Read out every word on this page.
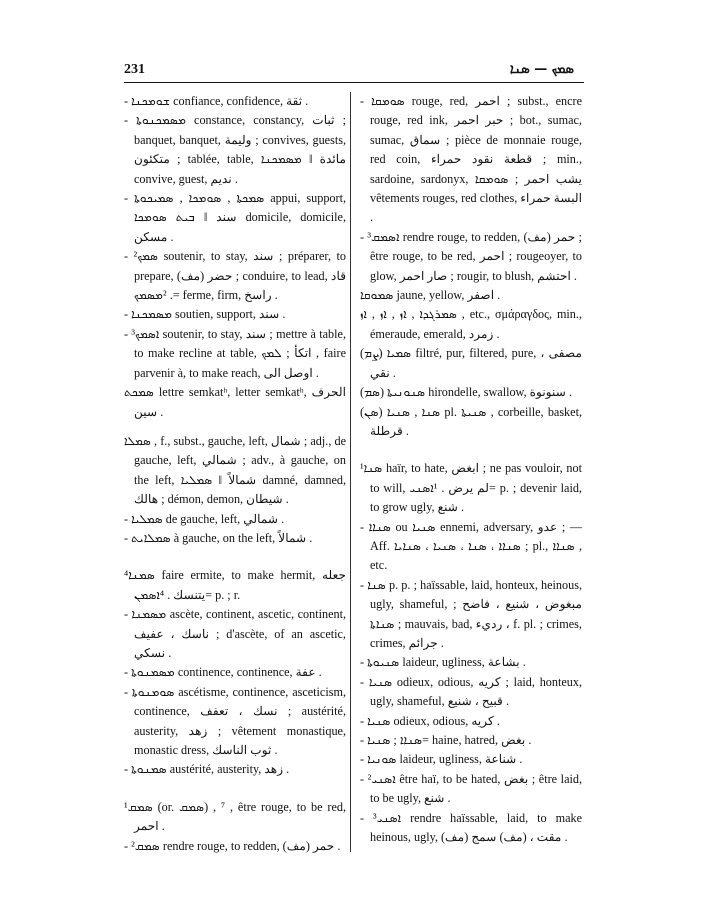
231	ܣܡܟ — ܣܢܐ

- ܫܘܡܟܢܐ confiance, confidence, ثقة .

- ܡܣܡܟܢܘܬܐ constance, constancy, ثبات ; banquet, banquet, وليمة ; convives, guests, متكئون ; tablée, table, مائدة ‖ ܡܣܡܟܢܐ convive, guest, نديم .

- ܣܡܟܬܐ , ܣܘܡܟܐ , ܣܡܝܟܘܬܐ appui, support, سند ‖ ܒܝܬ ܣܘܡܟܐ domicile, domicile, مسكن .

- ²ܣܡܟ soutenir, to stay, سند ; préparer, to prepare, (مف) حضر ; conduire, to lead, قاد . ²ܡܣܡܟ= ferme, firm, راسخ .

- ܡܣܡܟܢܐ soutien, support, سند .

- ³ܐܣܡܟ soutenir, to stay, سند ; mettre à table, to make recline at table, اتكأ ; ܠܡܟ , faire parvenir à, to make reach, اوصل الى .

ܣܡܟܬ lettre semkatʰ, letter semkatʰ, الحرف سين .

ܣܡܠܐ , f., subst., gauche, left, شمال ; adj., de gauche, left, شمالي ; adv., à gauche, on the left, شمالاً ‖ ܣܡܠܝܐ damné, damned, هالك ; démon, demon, شيطان .

- ܣܡܠܝܐ de gauche, left, شمالي .

- ܣܡܠܐܝܬ à gauche, on the left, شمالاً .

⁴ܣܡܢܐ faire ermite, to make hermit, جعله يتنسك . ⁴ܐܣܡܢ= p. ; r.

- ܡܣܡܢܐ ascète, continent, ascetic, continent, ناسك ، عفيف ; d'ascète, of an ascetic, نسكي .

- ܡܣܡܢܘܬܐ continence, continence, عفة .

- ܣܘܡܢܘܬܐ ascétisme, continence, asceticism, continence, نسك ، تعفف ; austérité, austerity, زهد ; vêtement monastique, monastic dress, ثوب الناسك .

- ܣܡܢܘܬܐ austérité, austerity, زهد .

¹ܣܡܩ (or. ܣܡܩ) , ⁷ , être rouge, to be red, احمر .

- ²ܣܡܩ rendre rouge, to redden, (مف) حمر .

- ܣܘܡܩܐ rouge, red, احمر ; subst., encre rouge, red ink, حبر احمر ; bot., sumac, sumac, سماق ; pièce de monnaie rouge, red coin, قطعة نقود حمراء ; min., sardoine, sardonyx, يشب احمر ; ܣܘܡܩܐ vêtements rouges, red clothes, البسة حمراء .

- ³ܐܣܡܩ rendre rouge, to redden, (مف) حمر ; être rouge, to be red, احمر ; rougeoyer, to glow, صار احمر ; rougir, to blush, احتشم .

ܣܡܘܩܐ jaune, yellow, اصفر .

ܣܡܪܓܕܐ , ܐܙ , ܐܙ , ܐܙ , etc., σμάραγδος, min., émeraude, emerald, زمرد .

(ܨܡ) ܣܡܝܐ filtré, pur, filtered, pure, مصفى ، نقي .

(ܣܡ) ܣܢܘܢܝܬܐ hirondelle, swallow, سنونوة .

(ܣܢ) ܣܢܐ , ܣܢܝܐ pl. ܣܢܝܬܐ , corbeille, basket, قرطلة .

¹ܣܢܐ haïr, to hate, ابغض ; ne pas vouloir, not to will, لم يرض . ¹ܐܣܢܝ= p. ; devenir laid, to grow ugly, شنع .

- ܣܢܐܐ ou ܣܢܝܐ ennemi, adversary, عدو ; — Aff. ܣܢܐܐ ، ܣܢܐ ، ܣܢܝܐ ، ܣܢܐܝܐ ; pl., ܣܢܐܐ , etc.

- ܣܢܐ p. p. ; haïssable, laid, honteux, heinous, ugly, shameful, مبغوض ، شنيع ، فاضح ; ܣܢܐܬܐ ; mauvais, bad, رديء ، f. pl. ; crimes, crimes, جرائم .

- ܣܢܝܘܬܐ laideur, ugliness, بشاعة .

- ܣܢܝܐ odieux, odious, كريه ; laid, honteux, ugly, shameful, قبيح ، شنيع .

- ܣܢܝܐ odieux, odious, كريه .

- ܣܢܐܐ ; ܣܢܝܐ= haine, hatred, بغض .

- ܣܘܢܝܐ laideur, ugliness, شناعة .

- ²ܐܣܢܝ être haï, to be hated, بغض ; être laid, to be ugly, شنع .

- ³ܐܣܢܝ rendre haïssable, laid, to make heinous, ugly, (مف) مقت ، (مف) سمج .
